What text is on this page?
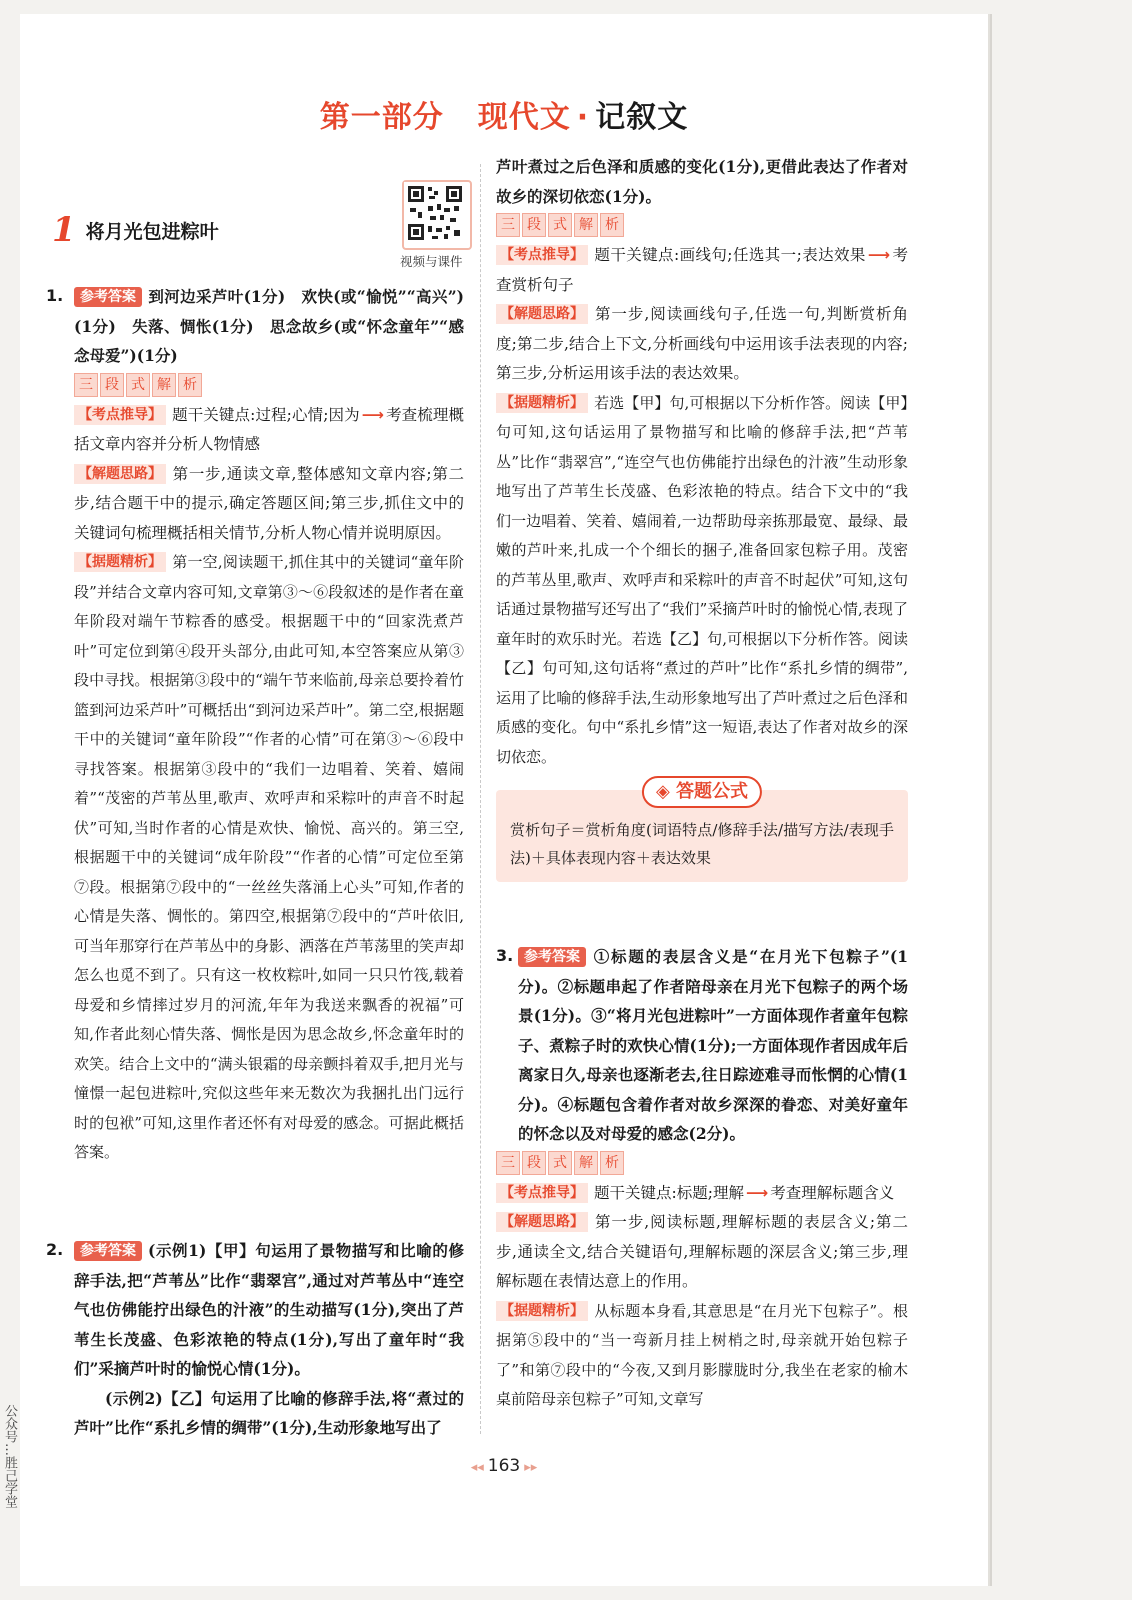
第一部分 现代文 · 记叙文
1 将月光包进粽叶
视频与课件
1.	参考答案 到河边采芦叶(1分)　欢快(或“愉悦”“高兴”)(1分)　失落、惆怅(1分)　思念故乡(或“怀念童年”“感念母爱”)(1分)

三 段 式 解 析

【考点推导】 题干关键点:过程;心情;因为 ⟶ 考查梳理概括文章内容并分析人物情感

【解题思路】 第一步,通读文章,整体感知文章内容;第二步,结合题干中的提示,确定答题区间;第三步,抓住文中的关键词句梳理概括相关情节,分析人物心情并说明原因。

【据题精析】 第一空,阅读题干,抓住其中的关键词“童年阶段”并结合文章内容可知,文章第③～⑥段叙述的是作者在童年阶段对端午节粽香的感受。根据题干中的“回家洗煮芦叶”可定位到第④段开头部分,由此可知,本空答案应从第③段中寻找。根据第③段中的“端午节来临前,母亲总要拎着竹篮到河边采芦叶”可概括出“到河边采芦叶”。第二空,根据题干中的关键词“童年阶段”“作者的心情”可在第③～⑥段中寻找答案。根据第③段中的“我们一边唱着、笑着、嬉闹着”“茂密的芦苇丛里,歌声、欢呼声和采粽叶的声音不时起伏”可知,当时作者的心情是欢快、愉悦、高兴的。第三空,根据题干中的关键词“成年阶段”“作者的心情”可定位至第⑦段。根据第⑦段中的“一丝丝失落涌上心头”可知,作者的心情是失落、惆怅的。第四空,根据第⑦段中的“芦叶依旧,可当年那穿行在芦苇丛中的身影、洒落在芦苇荡里的笑声却怎么也觅不到了。只有这一枚枚粽叶,如同一只只竹筏,载着母爱和乡情摔过岁月的河流,年年为我送来飘香的祝福”可知,作者此刻心情失落、惆怅是因为思念故乡,怀念童年时的欢笑。结合上文中的“满头银霜的母亲颤抖着双手,把月光与憧憬一起包进粽叶,究似这些年来无数次为我捆扎出门远行时的包袱”可知,这里作者还怀有对母爱的感念。可据此概括答案。

2.	参考答案 (示例1)【甲】句运用了景物描写和比喻的修辞手法,把“芦苇丛”比作“翡翠宫”,通过对芦苇丛中“连空气也仿佛能拧出绿色的汁液”的生动描写(1分),突出了芦苇生长茂盛、色彩浓艳的特点(1分),写出了童年时“我们”采摘芦叶时的愉悦心情(1分)。

(示例2)【乙】句运用了比喻的修辞手法,将“煮过的芦叶”比作“系扎乡情的绸带”(1分),生动形象地写出了

芦叶煮过之后色泽和质感的变化(1分),更借此表达了作者对故乡的深切依恋(1分)。

三 段 式 解 析

【考点推导】 题干关键点:画线句;任选其一;表达效果 ⟶ 考查赏析句子

【解题思路】 第一步,阅读画线句子,任选一句,判断赏析角度;第二步,结合上下文,分析画线句中运用该手法表现的内容;第三步,分析运用该手法的表达效果。

【据题精析】 若选【甲】句,可根据以下分析作答。阅读【甲】句可知,这句话运用了景物描写和比喻的修辞手法,把“芦苇丛”比作“翡翠宫”,“连空气也仿佛能拧出绿色的汁液”生动形象地写出了芦苇生长茂盛、色彩浓艳的特点。结合下文中的“我们一边唱着、笑着、嬉闹着,一边帮助母亲拣那最宽、最绿、最嫩的芦叶来,扎成一个个细长的捆子,准备回家包粽子用。茂密的芦苇丛里,歌声、欢呼声和采粽叶的声音不时起伏”可知,这句话通过景物描写还写出了“我们”采摘芦叶时的愉悦心情,表现了童年时的欢乐时光。若选【乙】句,可根据以下分析作答。阅读【乙】句可知,这句话将“煮过的芦叶”比作“系扎乡情的绸带”,运用了比喻的修辞手法,生动形象地写出了芦叶煮过之后色泽和质感的变化。句中“系扎乡情”这一短语,表达了作者对故乡的深切依恋。

◈ 答题公式

赏析句子＝赏析角度(词语特点/修辞手法/描写方法/表现手法)＋具体表现内容＋表达效果

3. 参考答案 ①标题的表层含义是“在月光下包粽子”(1分)。②标题串起了作者陪母亲在月光下包粽子的两个场景(1分)。③“将月光包进粽叶”一方面体现作者童年包粽子、煮粽子时的欢快心情(1分);一方面体现作者因成年后离家日久,母亲也逐渐老去,往日踪迹难寻而怅惘的心情(1分)。④标题包含着作者对故乡深深的眷恋、对美好童年的怀念以及对母爱的感念(2分)。

三 段 式 解 析

【考点推导】 题干关键点:标题;理解 ⟶ 考查理解标题含义

【解题思路】 第一步,阅读标题,理解标题的表层含义;第二步,通读全文,结合关键语句,理解标题的深层含义;第三步,理解标题在表情达意上的作用。

【据题精析】 从标题本身看,其意思是“在月光下包粽子”。根据第⑤段中的“当一弯新月挂上树梢之时,母亲就开始包粽子了”和第⑦段中的“今夜,又到月影朦胧时分,我坐在老家的榆木桌前陪母亲包粽子”可知,文章写

◂◂ 163 ▸▸
公众号…胜己学堂
